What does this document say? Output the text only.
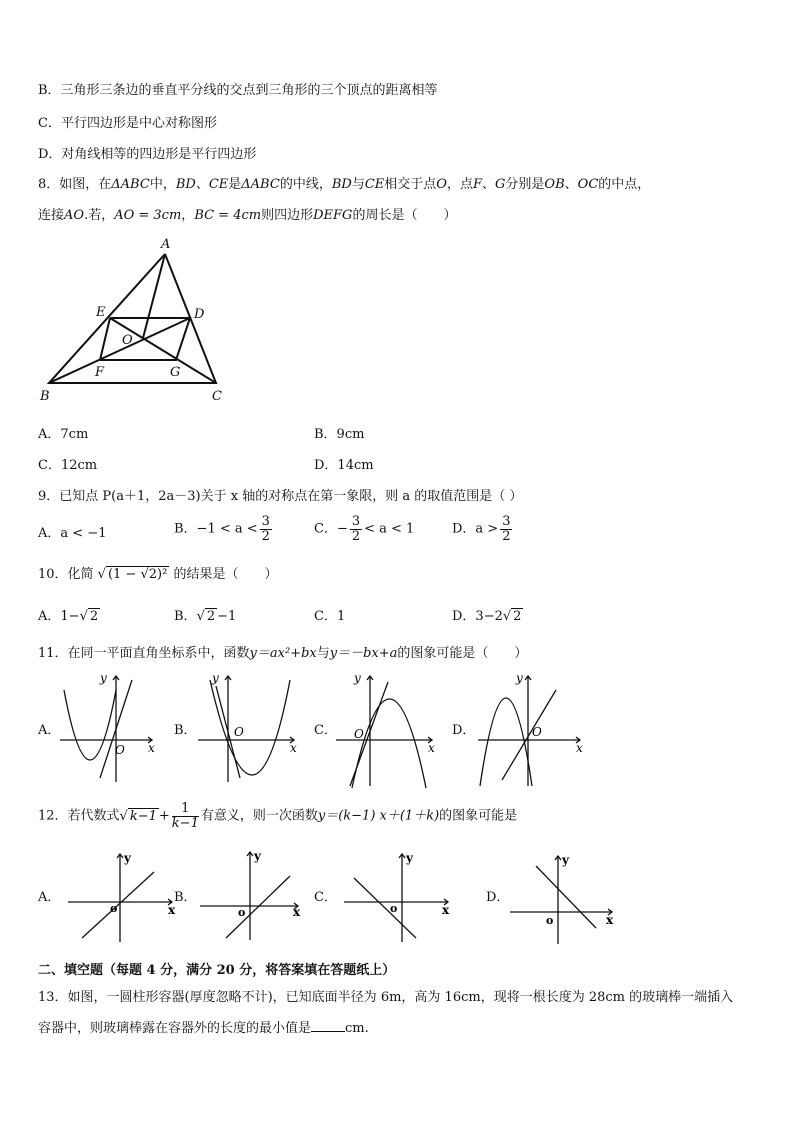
B．三角形三条边的垂直平分线的交点到三角形的三个顶点的距离相等
C．平行四边形是中心对称图形
D．对角线相等的四边形是平行四边形
8．如图，在ΔABC中，BD、CE是ΔABC的中线，BD与CE相交于点O，点F、G分别是OB、OC的中点，
连接AO.若，AO = 3cm，BC = 4cm则四边形DEFG的周长是（　　）
A
B	C
D
E
F	G
O
A．7cm	B．9cm
C．12cm	D．14cm
9．已知点 P(a＋1，2a－3)关于 x 轴的对称点在第一象限，则 a 的取值范围是（ ）
A．a < −1	B．$-1 < a < \frac{3}{2}$	C．− $\frac{3}{2} < a < 1$	D．$a > \frac{3}{2}$
10．化简 √ (1 − √2)² 的结果是（　　）
A．1−√ 2	B．√ 2 −1	C．1	D．3−2√ 2
11．在同一平面直角坐标系中，函数y＝ax²+bx与y＝－bx+a的图象可能是（　　）
A．
y
x
O
B．
y
x
O	C．
y
x
O	D．
y
x
O
12．若代数式√ $k-1 + \frac{1}{k-1}$ 有意义，则一次函数y＝(k−1) x＋(1＋k)的图象可能是
A．
y
x
o
B．
y
x
o
C．
y
x
o
D．
y
x
o
二、填空题（每题 4 分，满分 20 分，将答案填在答题纸上）
13．如图，一圆柱形容器(厚度忽略不计)，已知底面半径为 6m，高为 16cm，现将一根长度为 28cm 的玻璃棒一端插入
容器中，则玻璃棒露在容器外的长度的最小值是	cm.
